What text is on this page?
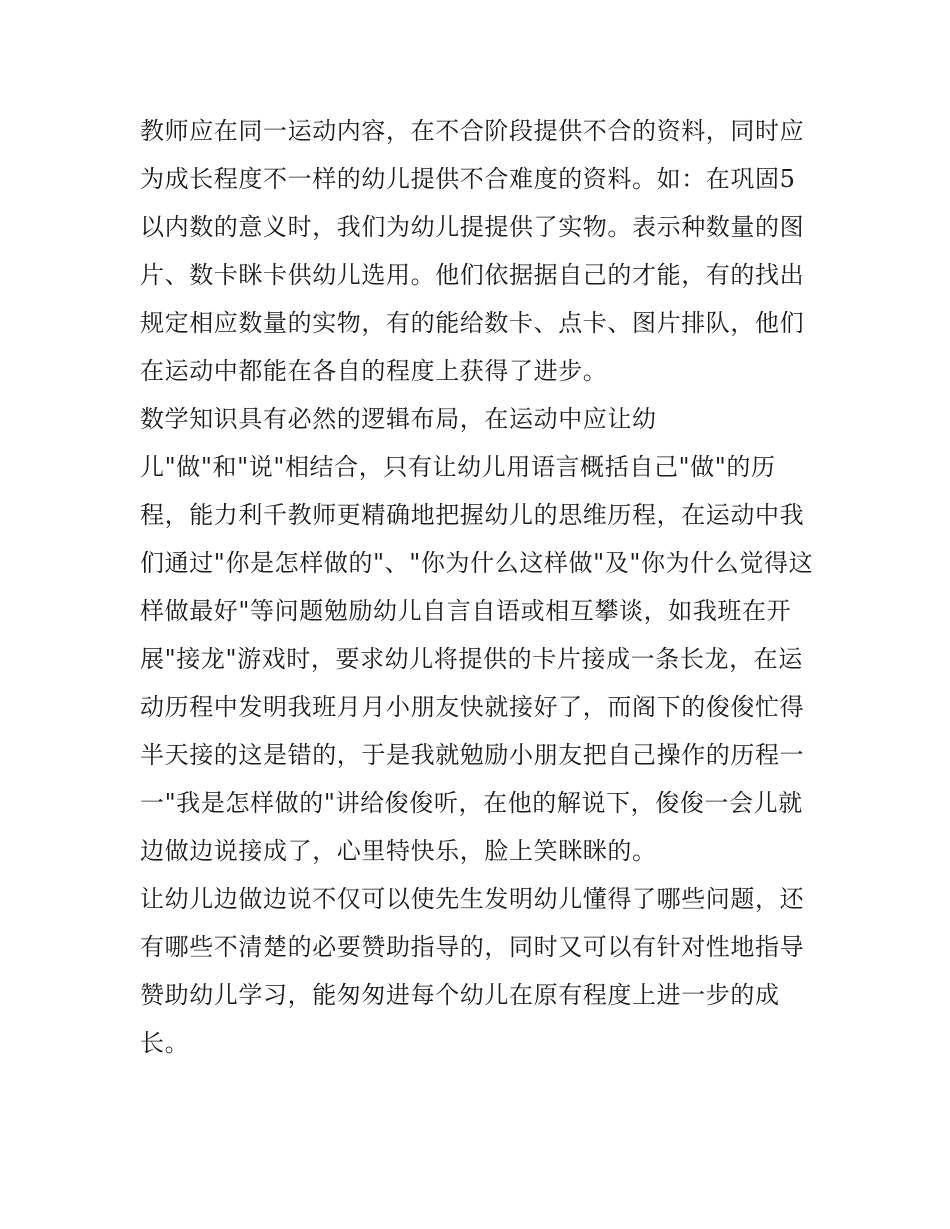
教师应在同一运动内容，在不合阶段提供不合的资料，同时应
为成长程度不一样的幼儿提供不合难度的资料。如：在巩固5
以内数的意义时，我们为幼儿提提供了实物。表示种数量的图
片、数卡眯卡供幼儿选用。他们依据据自己的才能，有的找出
规定相应数量的实物，有的能给数卡、点卡、图片排队，他们
在运动中都能在各自的程度上获得了进步。
数学知识具有必然的逻辑布局，在运动中应让幼
儿"做"和"说"相结合，只有让幼儿用语言概括自己"做"的历
程，能力利千教师更精确地把握幼儿的思维历程，在运动中我
们通过"你是怎样做的"、"你为什么这样做"及"你为什么觉得这
样做最好"等问题勉励幼儿自言自语或相互攀谈，如我班在开
展"接龙"游戏时，要求幼儿将提供的卡片接成一条长龙，在运
动历程中发明我班月月小朋友快就接好了，而阁下的俊俊忙得
半天接的这是错的，于是我就勉励小朋友把自己操作的历程一
一"我是怎样做的"讲给俊俊听，在他的解说下，俊俊一会儿就
边做边说接成了，心里特快乐，脸上笑眯眯的。
让幼儿边做边说不仅可以使先生发明幼儿懂得了哪些问题，还
有哪些不清楚的必要赞助指导的，同时又可以有针对性地指导
赞助幼儿学习，能匆匆进每个幼儿在原有程度上进一步的成
长。
